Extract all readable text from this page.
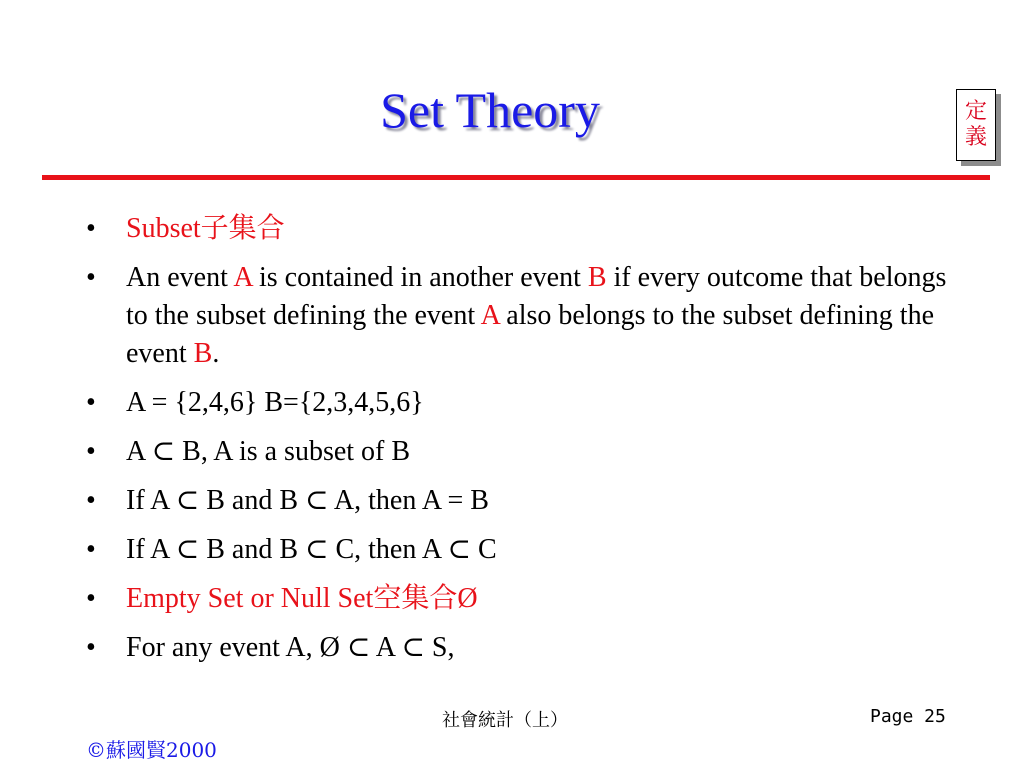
Set Theory	定
義
• Subset子集合
• An event A is contained in another event B if every outcome that belongs to the subset defining the event A also belongs to the subset defining the event B.
• A = {2,4,6} B={2,3,4,5,6}
• A ⊂ B, A is a subset of B
• If A ⊂ B and B ⊂ A, then A = B
• If A ⊂ B and B ⊂ C, then A ⊂ C
• Empty Set or Null Set空集合Ø
• For any event A, Ø ⊂ A ⊂ S,
社會統計（上）	Page 25
©蘇國賢2000
